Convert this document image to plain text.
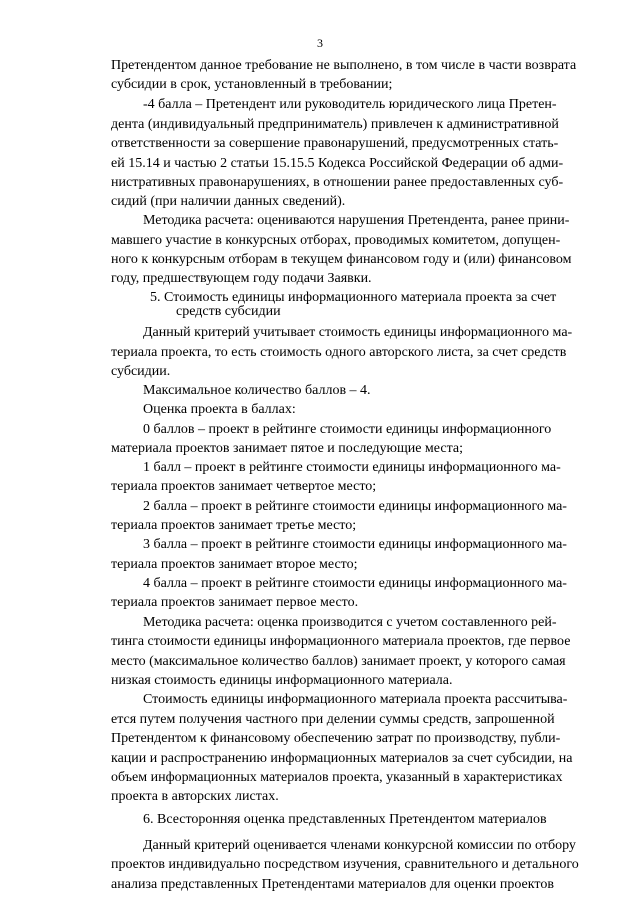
3
Претендентом данное требование не выполнено, в том числе в части возврата
субсидии в срок, установленный в требовании;
-4 балла – Претендент или руководитель юридического лица Претен-
дента (индивидуальный предприниматель) привлечен к административной
ответственности за совершение правонарушений, предусмотренных стать-
ей 15.14 и частью 2 статьи 15.15.5 Кодекса Российской Федерации об адми-
нистративных правонарушениях, в отношении ранее предоставленных суб-
сидий (при наличии данных сведений).
Методика расчета: оцениваются нарушения Претендента, ранее прини-
мавшего участие в конкурсных отборах, проводимых комитетом, допущен-
ного к конкурсным отборам в текущем финансовом году и (или) финансовом
году, предшествующем году подачи Заявки.
5. Стоимость единицы информационного материала проекта за счет
средств субсидии
Данный критерий учитывает стоимость единицы информационного ма-
териала проекта, то есть стоимость одного авторского листа, за счет средств
субсидии.
Максимальное количество баллов – 4.
Оценка проекта в баллах:
0 баллов – проект в рейтинге стоимости единицы информационного
материала проектов занимает пятое и последующие места;
1 балл – проект в рейтинге стоимости единицы информационного ма-
териала проектов занимает четвертое место;
2 балла – проект в рейтинге стоимости единицы информационного ма-
териала проектов занимает третье место;
3 балла – проект в рейтинге стоимости единицы информационного ма-
териала проектов занимает второе место;
4 балла – проект в рейтинге стоимости единицы информационного ма-
териала проектов занимает первое место.
Методика расчета: оценка производится с учетом составленного рей-
тинга стоимости единицы информационного материала проектов, где первое
место (максимальное количество баллов) занимает проект, у которого самая
низкая стоимость единицы информационного материала.
Стоимость единицы информационного материала проекта рассчитыва-
ется путем получения частного при делении суммы средств, запрошенной
Претендентом к финансовому обеспечению затрат по производству, публи-
кации и распространению информационных материалов за счет субсидии, на
объем информационных материалов проекта, указанный в характеристиках
проекта в авторских листах.
6. Всесторонняя оценка представленных Претендентом материалов
Данный критерий оценивается членами конкурсной комиссии по отбору
проектов индивидуально посредством изучения, сравнительного и детального
анализа представленных Претендентами материалов для оценки проектов
